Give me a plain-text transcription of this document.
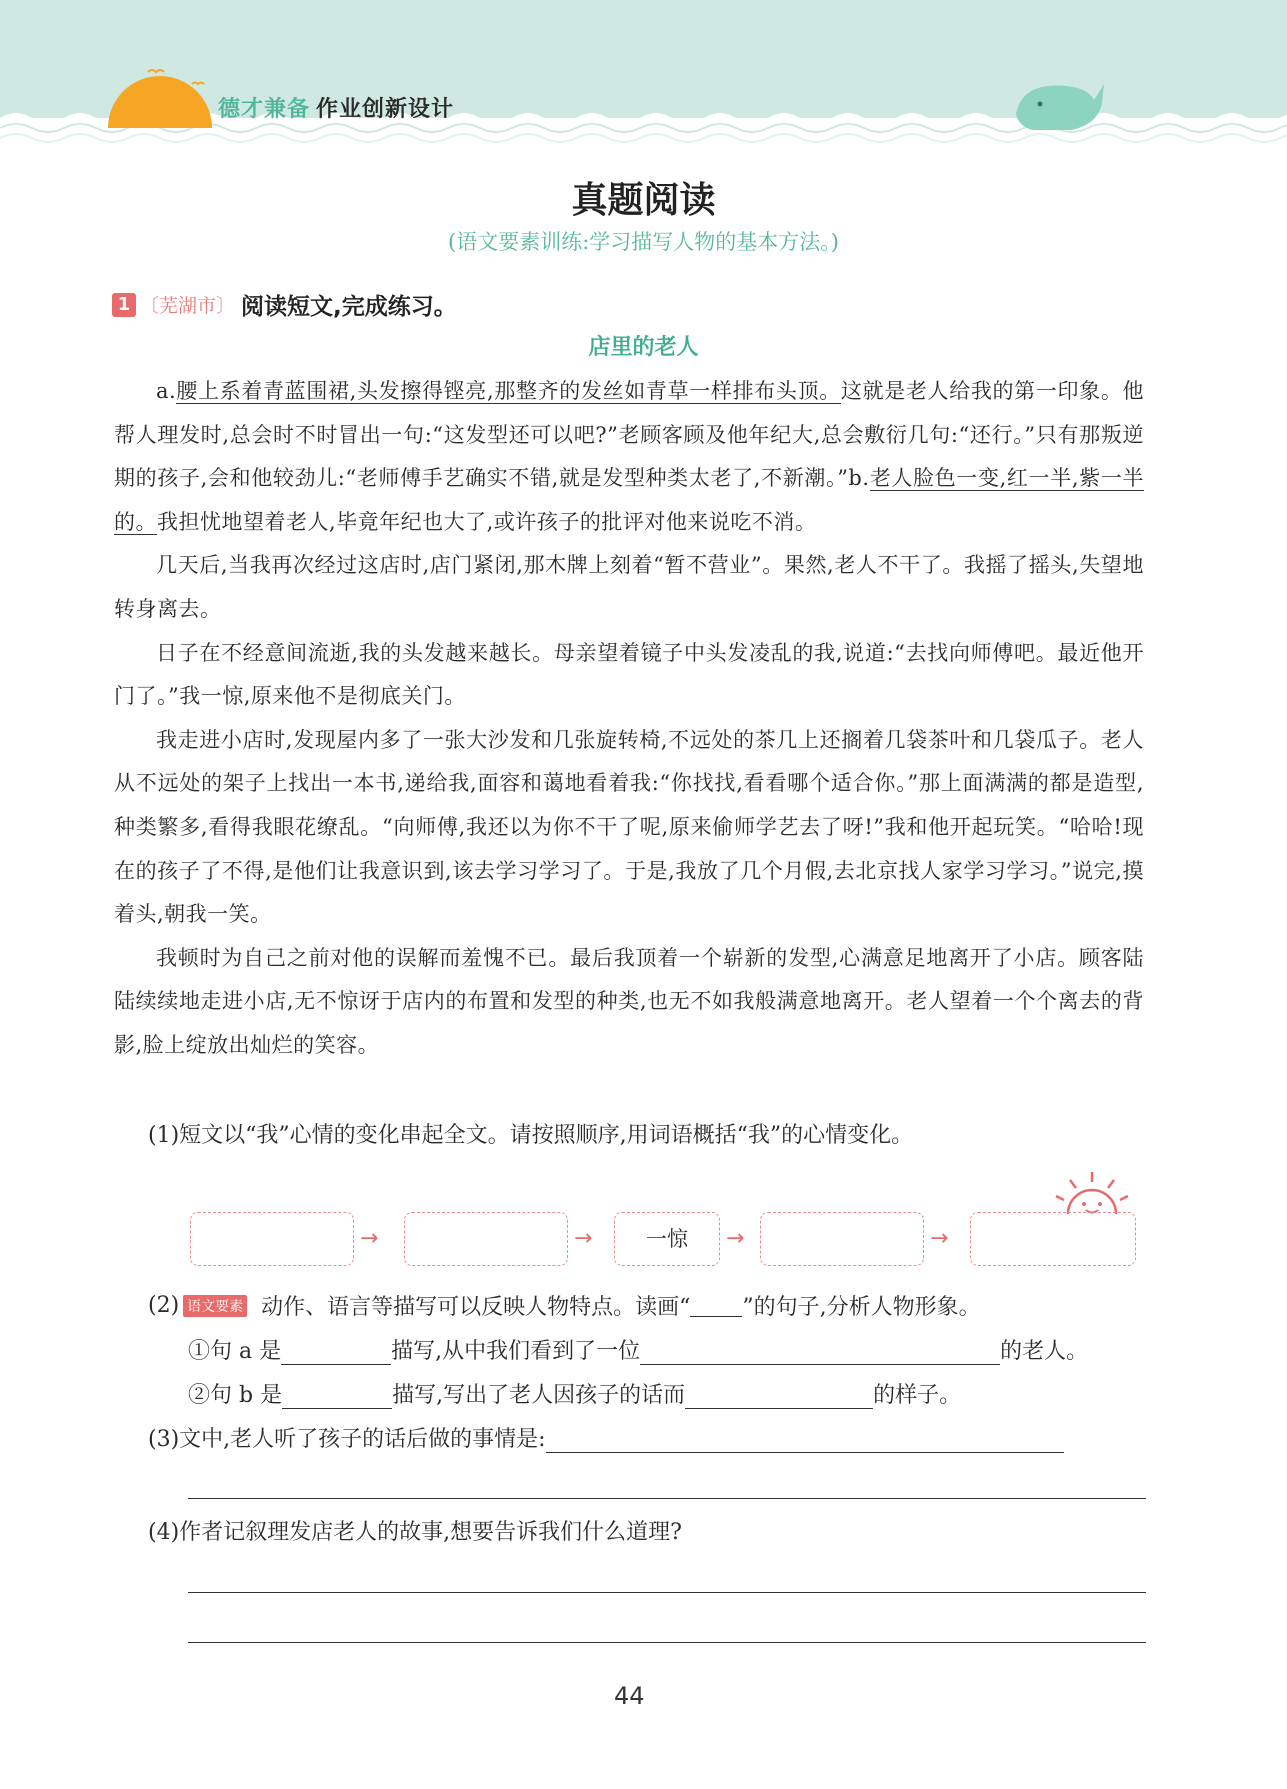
德才兼备 作业创新设计
真题阅读
(语文要素训练:学习描写人物的基本方法。)
1 〔芜湖市〕 阅读短文,完成练习。
店里的老人

a.腰上系着青蓝围裙,头发擦得铿亮,那整齐的发丝如青草一样排布头顶。这就是老人给我的第一印象。他帮人理发时,总会时不时冒出一句:“这发型还可以吧?”老顾客顾及他年纪大,总会敷衍几句:“还行。”只有那叛逆期的孩子,会和他较劲儿:“老师傅手艺确实不错,就是发型种类太老了,不新潮。”b.老人脸色一变,红一半,紫一半的。我担忧地望着老人,毕竟年纪也大了,或许孩子的批评对他来说吃不消。

几天后,当我再次经过这店时,店门紧闭,那木牌上刻着“暂不营业”。果然,老人不干了。我摇了摇头,失望地转身离去。

日子在不经意间流逝,我的头发越来越长。母亲望着镜子中头发凌乱的我,说道:“去找向师傅吧。最近他开门了。”我一惊,原来他不是彻底关门。

我走进小店时,发现屋内多了一张大沙发和几张旋转椅,不远处的茶几上还搁着几袋茶叶和几袋瓜子。老人从不远处的架子上找出一本书,递给我,面容和蔼地看着我:“你找找,看看哪个适合你。”那上面满满的都是造型,种类繁多,看得我眼花缭乱。“向师傅,我还以为你不干了呢,原来偷师学艺去了呀!”我和他开起玩笑。“哈哈!现在的孩子了不得,是他们让我意识到,该去学习学习了。于是,我放了几个月假,去北京找人家学习学习。”说完,摸着头,朝我一笑。

我顿时为自己之前对他的误解而羞愧不已。最后我顶着一个崭新的发型,心满意足地离开了小店。顾客陆陆续续地走进小店,无不惊讶于店内的布置和发型的种类,也无不如我般满意地离开。老人望着一个个离去的背影,脸上绽放出灿烂的笑容。

(1)短文以“我”心情的变化串起全文。请按照顺序,用词语概括“我”的心情变化。
→	→	一惊	→	→
(2) 语文要素 动作、语言等描写可以反映人物特点。读画“ ”的句子,分析人物形象。
①句 a 是	描写,从中我们看到了一位	的老人。
②句 b 是	描写,写出了老人因孩子的话而	的样子。
(3)文中,老人听了孩子的话后做的事情是:
(4)作者记叙理发店老人的故事,想要告诉我们什么道理?
44
